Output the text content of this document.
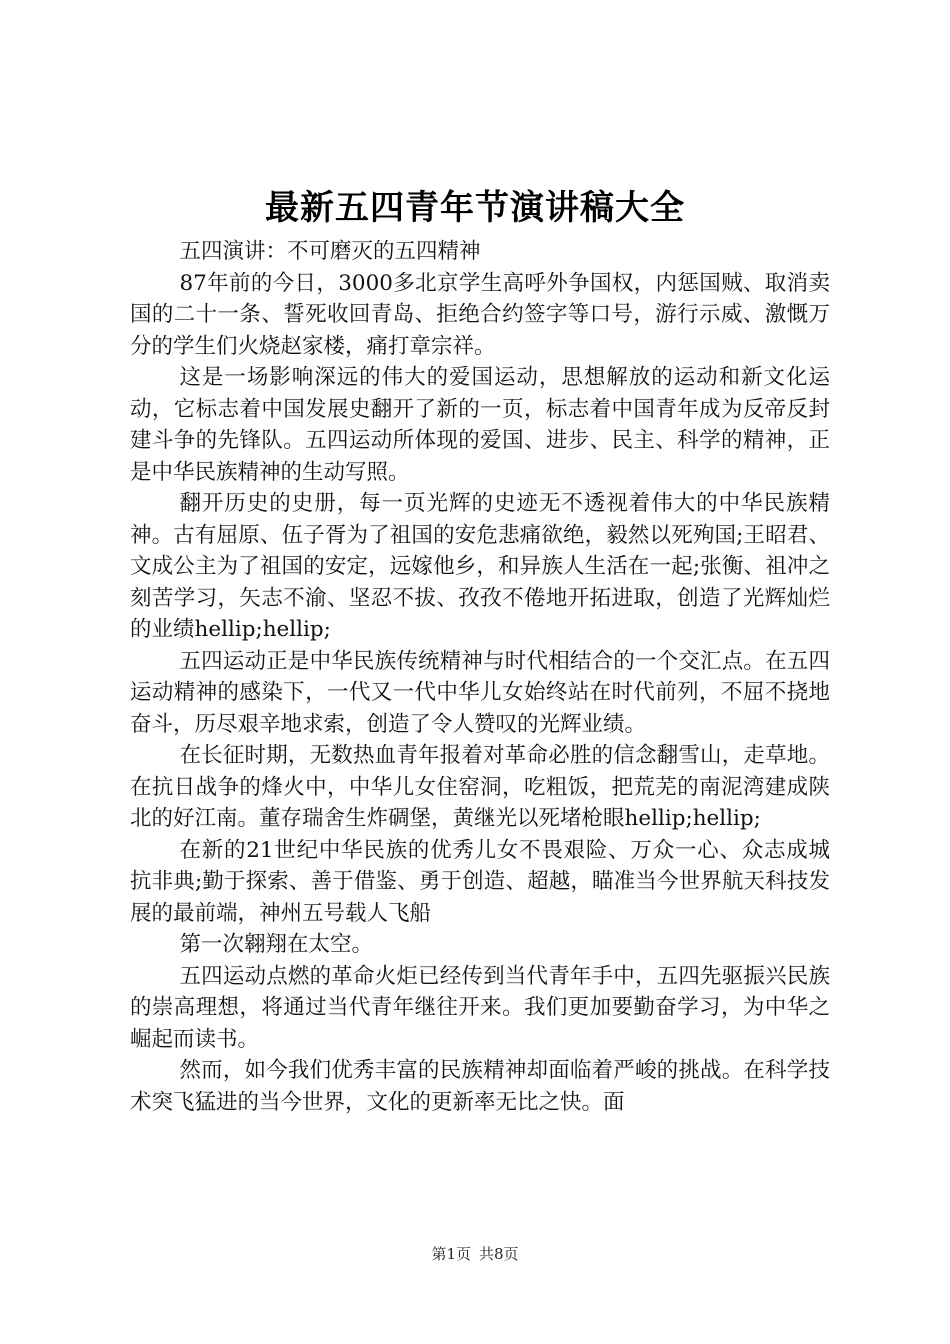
最新五四青年节演讲稿大全

五四演讲：不可磨灭的五四精神

87年前的今日，3000多北京学生高呼外争国权，内惩国贼、取消卖国的二十一条、誓死收回青岛、拒绝合约签字等口号，游行示威、激慨万分的学生们火烧赵家楼，痛打章宗祥。

这是一场影响深远的伟大的爱国运动，思想解放的运动和新文化运动，它标志着中国发展史翻开了新的一页，标志着中国青年成为反帝反封建斗争的先锋队。五四运动所体现的爱国、进步、民主、科学的精神，正是中华民族精神的生动写照。

翻开历史的史册，每一页光辉的史迹无不透视着伟大的中华民族精神。古有屈原、伍子胥为了祖国的安危悲痛欲绝，毅然以死殉国;王昭君、文成公主为了祖国的安定，远嫁他乡，和异族人生活在一起;张衡、祖冲之刻苦学习，矢志不渝、坚忍不拔、孜孜不倦地开拓进取，创造了光辉灿烂的业绩hellip;hellip;

五四运动正是中华民族传统精神与时代相结合的一个交汇点。在五四运动精神的感染下，一代又一代中华儿女始终站在时代前列，不屈不挠地奋斗，历尽艰辛地求索，创造了令人赞叹的光辉业绩。

在长征时期，无数热血青年报着对革命必胜的信念翻雪山，走草地。在抗日战争的烽火中，中华儿女住窑洞，吃粗饭，把荒芜的南泥湾建成陕北的好江南。董存瑞舍生炸碉堡，黄继光以死堵枪眼hellip;hellip;

在新的21世纪中华民族的优秀儿女不畏艰险、万众一心、众志成城抗非典;勤于探索、善于借鉴、勇于创造、超越，瞄准当今世界航天科技发展的最前端，神州五号载人飞船

第一次翱翔在太空。

五四运动点燃的革命火炬已经传到当代青年手中，五四先驱振兴民族的崇高理想，将通过当代青年继往开来。我们更加要勤奋学习，为中华之崛起而读书。

然而，如今我们优秀丰富的民族精神却面临着严峻的挑战。在科学技术突飞猛进的当今世界，文化的更新率无比之快。面

第1页 共8页
